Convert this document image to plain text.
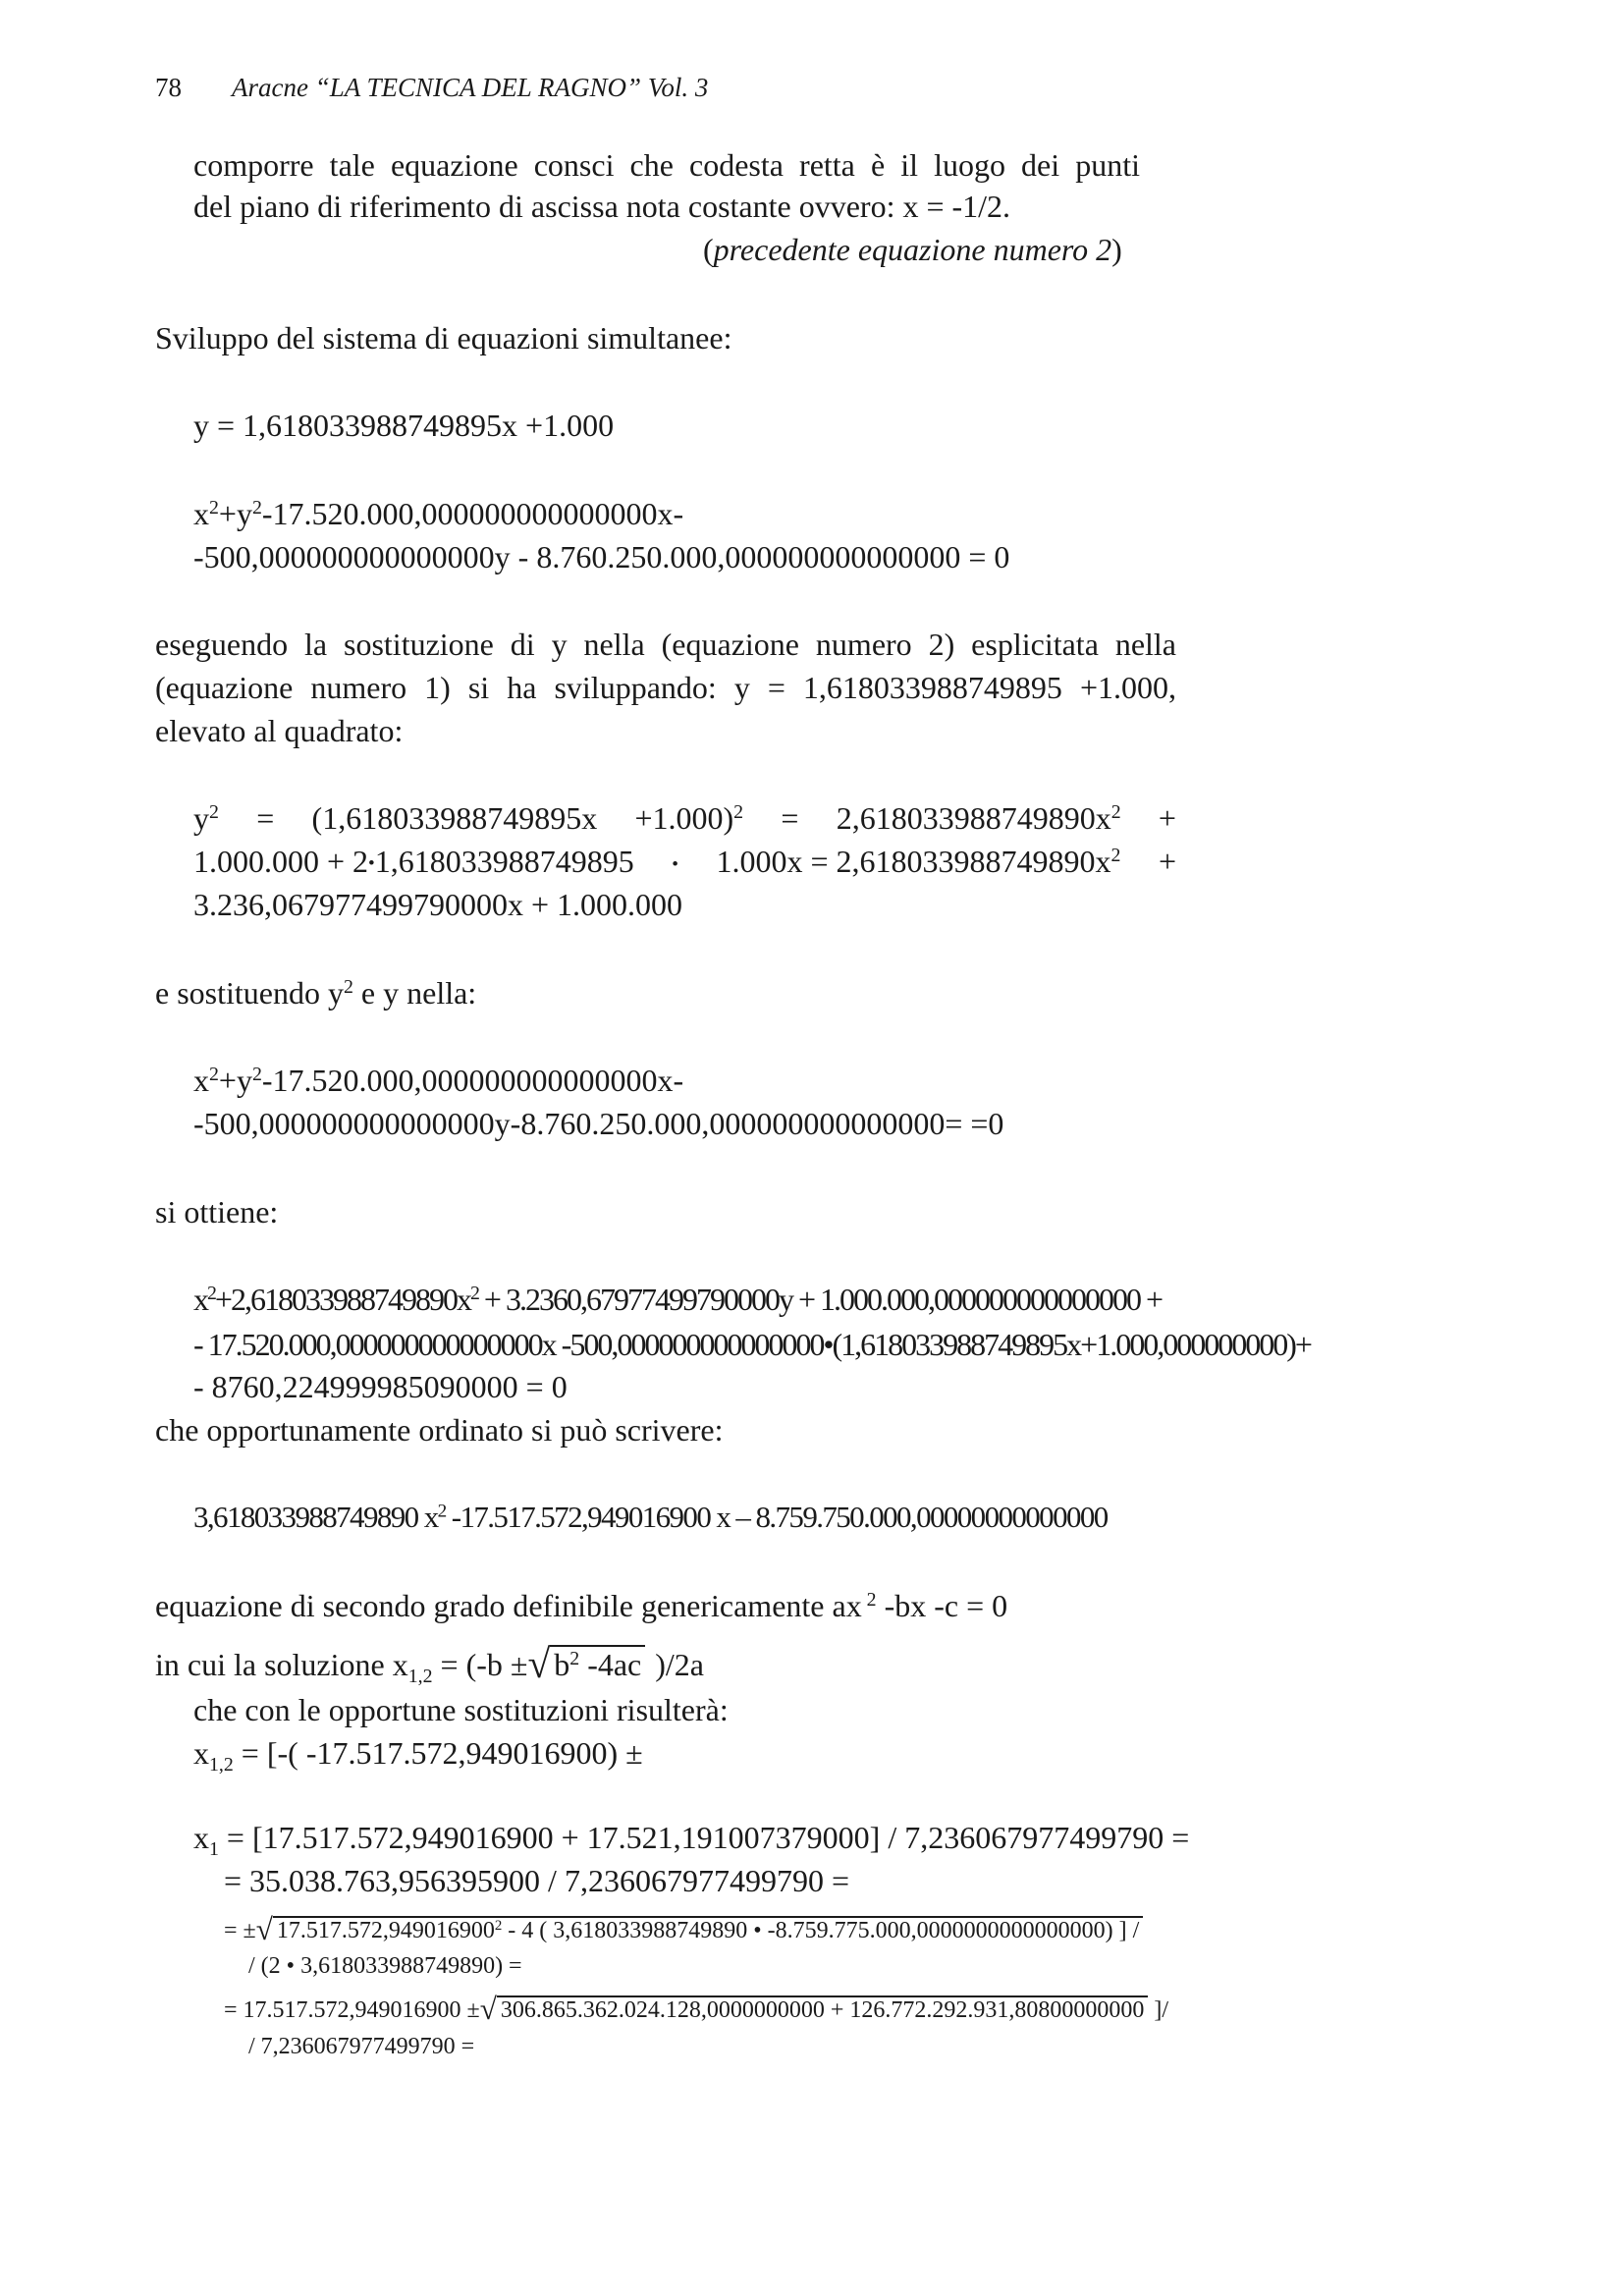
78 Aracne “LA TECNICA DEL RAGNO” Vol. 3
comporre tale equazione consci che codesta retta è il luogo dei punti
del piano di riferimento di ascissa nota costante ovvero: x = -1/2.
(precedente equazione numero 2)
Sviluppo del sistema di equazioni simultanee:
y = 1,618033988749895x +1.000
$x^2+y^2-17.520.000,000000000000000x-$
-500,000000000000000y - 8.760.250.000,000000000000000 = 0
eseguendo la sostituzione di y nella (equazione numero 2) esplicitata nella
(equazione numero 1) si ha sviluppando: y = 1,618033988749895 +1.000,
elevato al quadrato:
$y^2 = (1,618033988749895x +1.000)^2 = 2,618033988749890x^2$ +
1.000.000 + 2•1,618033988749895 • $1.000x = 2,618033988749890x^2$ +
3.236,067977499790000x + 1.000.000
e sostituendo $y^2$ e y nella:
$x^2+y^2-17.520.000,000000000000000x-$
-500,000000000000000y-8.760.250.000,000000000000000= =0
si ottiene:
$x^2+2,618033988749890x^2 + 3.2360,67977499790000y + 1.000.000,000000000000000$ +
- 17.520.000,000000000000000x -500,000000000000000•(1,618033988749895x+1.000,000000000)+
- 8760,224999985090000 = 0
che opportunamente ordinato si può scrivere:
3,618033988749890 $x^2$ -17.517.572,949016900 x – 8.759.750.000,00000000000000
equazione di secondo grado definibile genericamente ax $^2$ -bx -c = 0
in cui la soluzione $x_{1,2} = (-b$ ±√ $b^2$ -4ac )/2a
che con le opportune sostituzioni risulterà:
$x_{1,2}$ = [-( -17.517.572,949016900) ±
$x_1 = [17.517.572,949016900 + 17.521,191007379000] / 7,236067977499790$ =
= 35.038.763,956395900 / 7,236067977499790 =
= ±√ 17.517.572,949016900$^2$ - 4 ( 3,618033988749890 • -8.759.775.000,0000000000000000) ] /
/ (2 • 3,618033988749890) =
= 17.517.572,949016900 ±√ 306.865.362.024.128,0000000000 + 126.772.292.931,80800000000 ]/
/ 7,236067977499790 =
